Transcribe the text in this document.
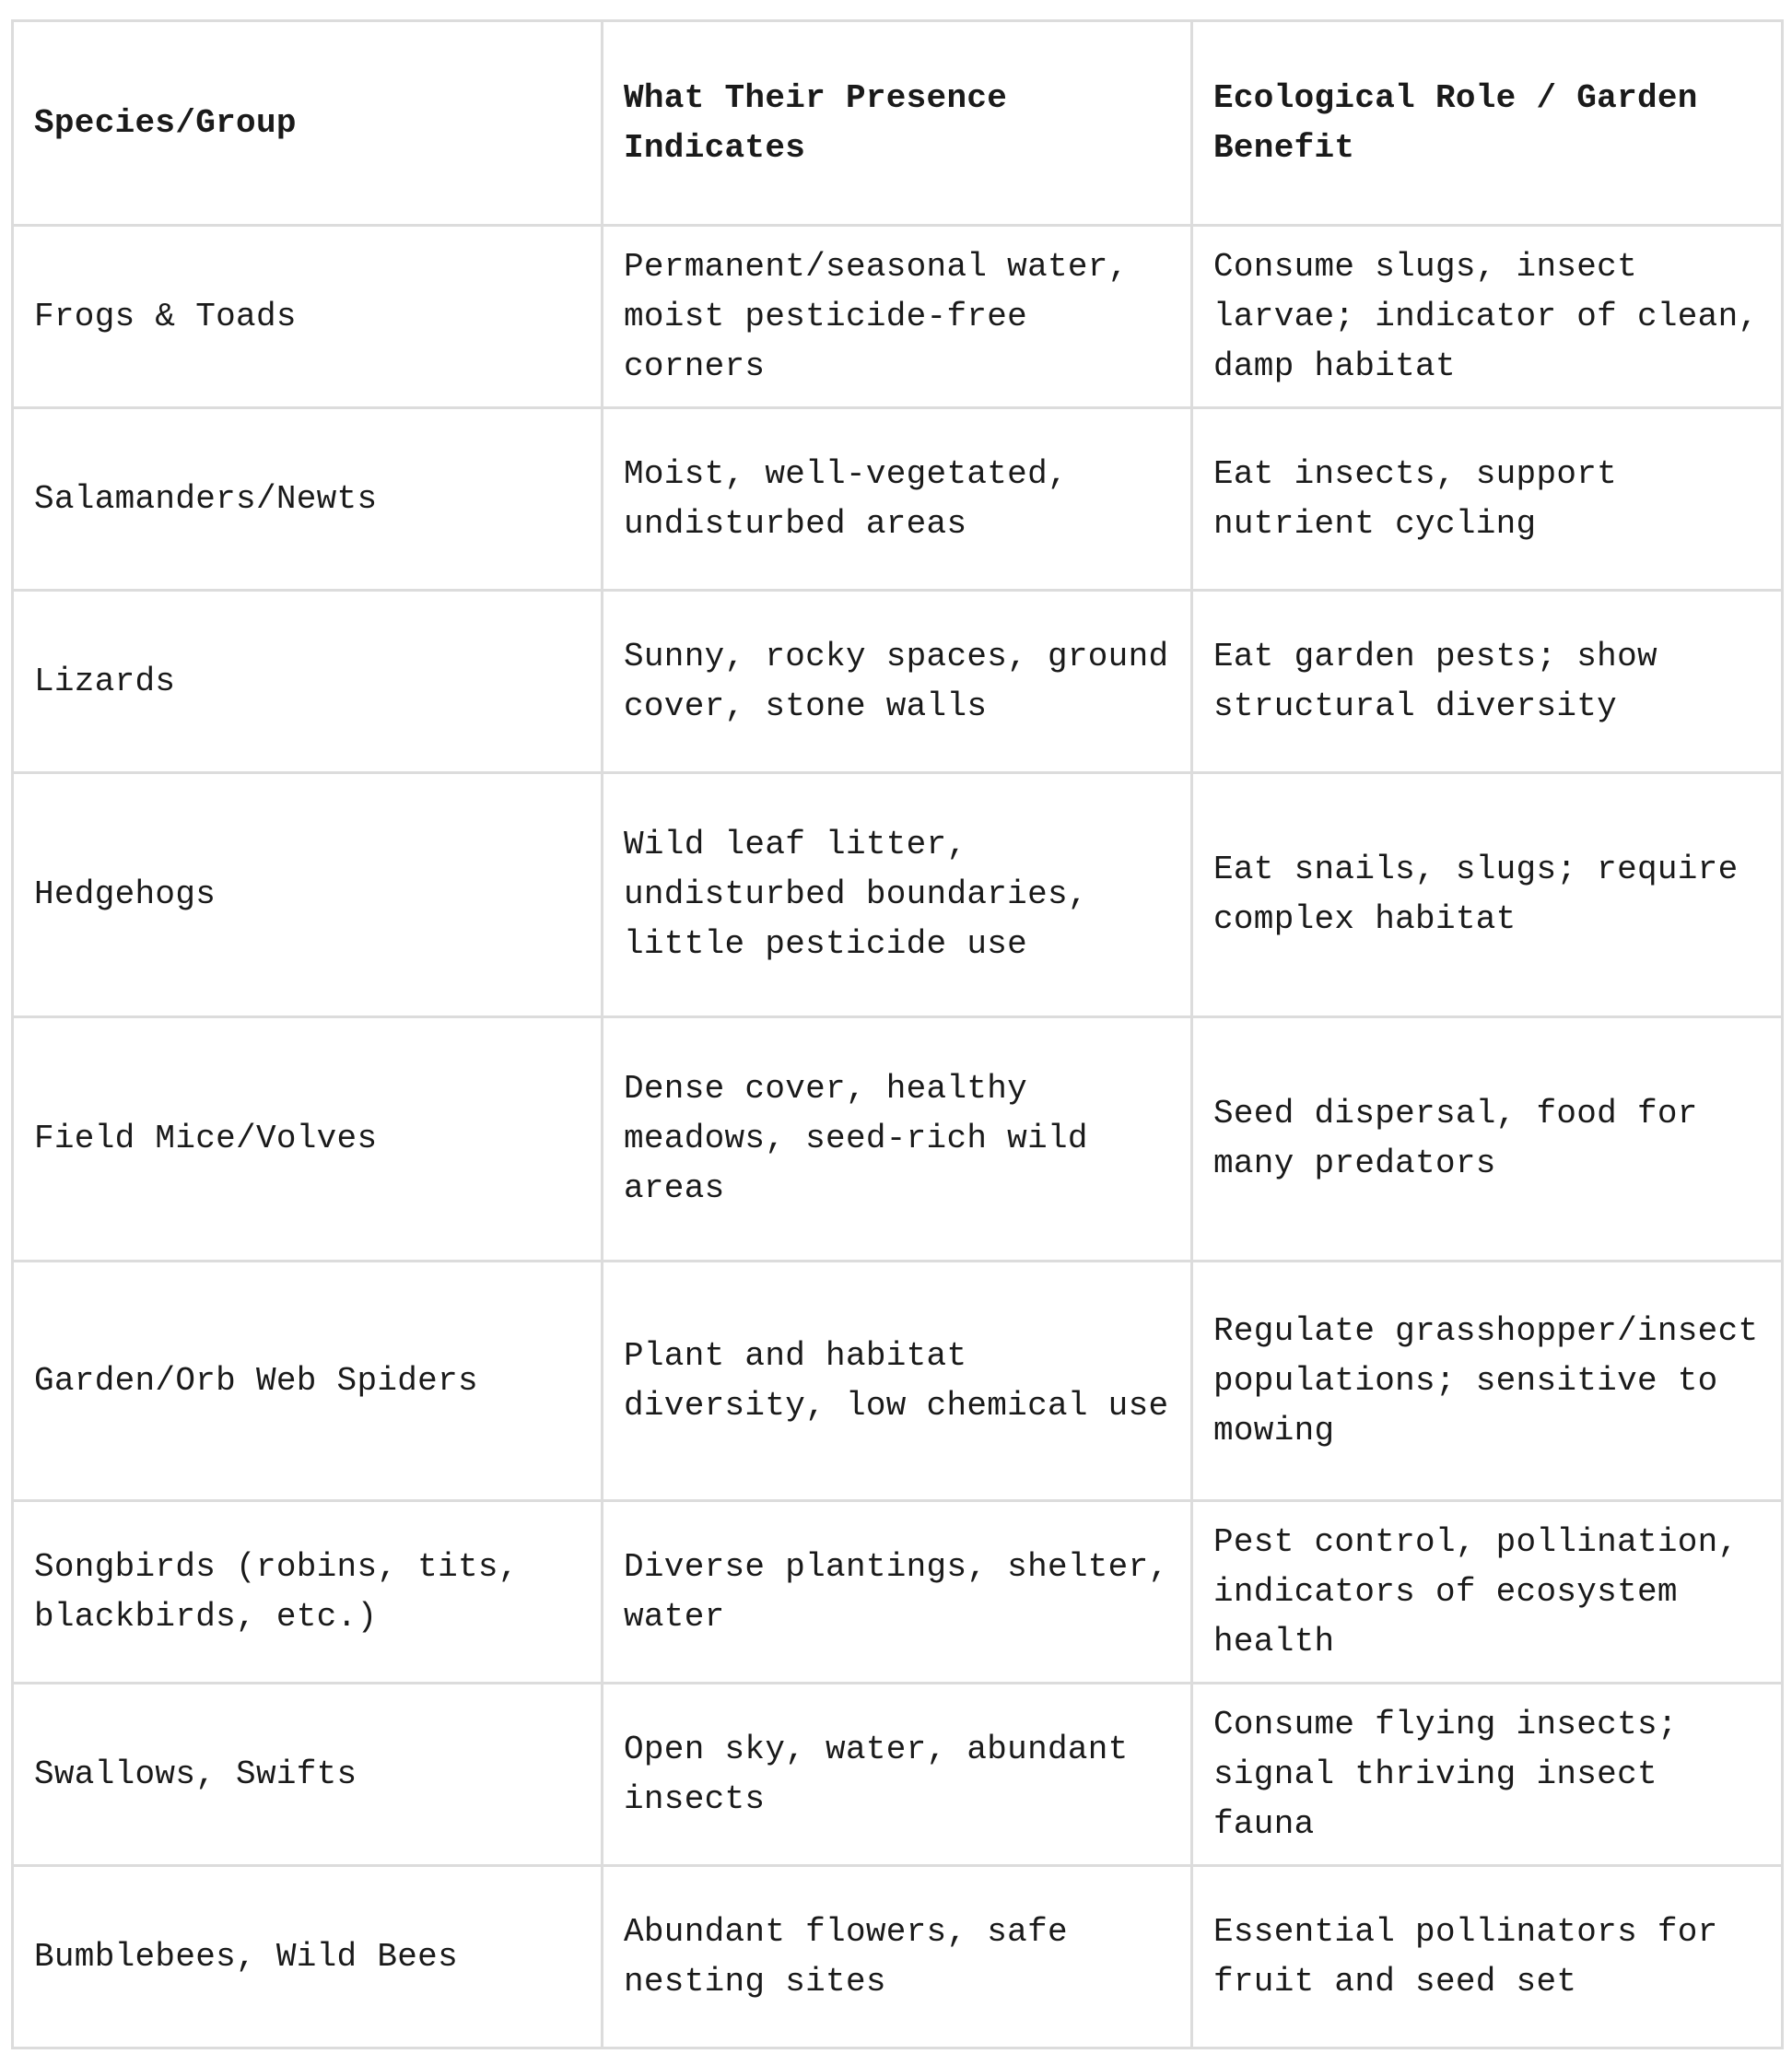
Species/Group	What Their Presence Indicates	Ecological Role / Garden Benefit
Frogs & Toads	Permanent/seasonal water, moist pesticide-free corners	Consume slugs, insect larvae; indicator of clean, damp habitat
Salamanders/Newts	Moist, well-vegetated, undisturbed areas	Eat insects, support nutrient cycling
Lizards	Sunny, rocky spaces, ground cover, stone walls	Eat garden pests; show structural diversity
Hedgehogs	Wild leaf litter, undisturbed boundaries, little pesticide use	Eat snails, slugs; require complex habitat
Field Mice/Volves	Dense cover, healthy meadows, seed-rich wild areas	Seed dispersal, food for many predators
Garden/Orb Web Spiders	Plant and habitat diversity, low chemical use	Regulate grasshopper/insect populations; sensitive to mowing
Songbirds (robins, tits, blackbirds, etc.)	Diverse plantings, shelter, water	Pest control, pollination, indicators of ecosystem health
Swallows, Swifts	Open sky, water, abundant insects	Consume flying insects; signal thriving insect fauna
Bumblebees, Wild Bees	Abundant flowers, safe nesting sites	Essential pollinators for fruit and seed set
